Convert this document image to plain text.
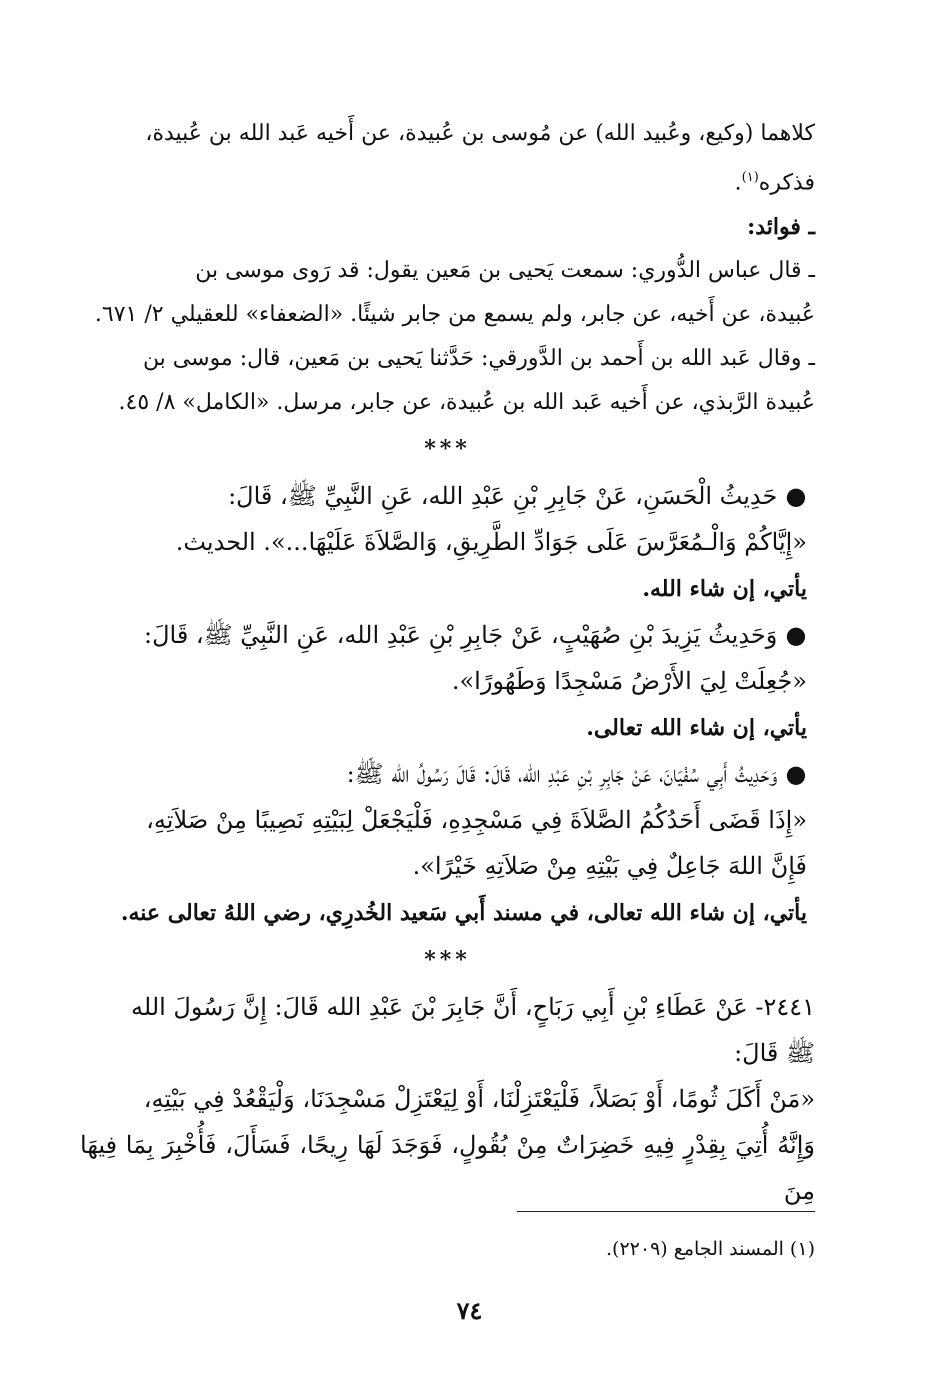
كلاهما (وكيع، وعُبيد الله) عن مُوسى بن عُبيدة، عن أَخيه عَبد الله بن عُبيدة،
فذكره$^{(١)}$.

ـ فوائد:

ـ قال عباس الدُّوري: سمعت يَحيى بن مَعين يقول: قد رَوى موسى بن
عُبيدة، عن أَخيه، عن جابر، ولم يسمع من جابر شيئًا. «الضعفاء» للعقيلي ٢/ ٦٧١.

ـ وقال عَبد الله بن أَحمد بن الدَّورقي: حَدَّثنا يَحيى بن مَعين، قال: موسى بن
عُبيدة الرَّبذي، عن أَخيه عَبد الله بن عُبيدة، عن جابر، مرسل. «الكامل» ٨/ ٤٥.

***
● حَدِيثُ الْحَسَنِ، عَنْ جَابِرِ بْنِ عَبْدِ الله، عَنِ النَّبِيِّ ﷺ، قَالَ:
«إِيَّاكُمْ وَالْـمُعَرَّسَ عَلَى جَوَادِّ الطَّرِيقِ، وَالصَّلاَةَ عَلَيْهَا...». الحديث.
يأتي، إن شاء الله.
● وَحَدِيثُ يَزِيدَ بْنِ صُهَيْبٍ، عَنْ جَابِرِ بْنِ عَبْدِ الله، عَنِ النَّبِيِّ ﷺ، قَالَ:
«جُعِلَتْ لِيَ الأَرْضُ مَسْجِدًا وَطَهُورًا».
يأتي، إن شاء الله تعالى.
● وَحَدِيثُ أَبِي سُفْيَانَ، عَنْ جَابِرِ بْنِ عَبْدِ الله، قَالَ: قَالَ رَسُولُ الله ﷺ:
«إِذَا قَضَى أَحَدُكُمُ الصَّلاَةَ فِي مَسْجِدِهِ، فَلْيَجْعَلْ لِبَيْتِهِ نَصِيبًا مِنْ صَلاَتِهِ،
فَإِنَّ اللهَ جَاعِلٌ فِي بَيْتِهِ مِنْ صَلاَتِهِ خَيْرًا».
يأتي، إن شاء الله تعالى، في مسند أَبي سَعيد الخُدرِي، رضي اللهُ تعالى عنه.
***
٢٤٤١- عَنْ عَطَاءِ بْنِ أَبِي رَبَاحٍ، أَنَّ جَابِرَ بْنَ عَبْدِ الله قَالَ: إِنَّ رَسُولَ الله
ﷺ قَالَ:
«مَنْ أَكَلَ ثُومًا، أَوْ بَصَلاً، فَلْيَعْتَزِلْنَا، أَوْ لِيَعْتَزِلْ مَسْجِدَنَا، وَلْيَقْعُدْ فِي بَيْتِهِ،
وَإِنَّهُ أُتِيَ بِقِدْرٍ فِيهِ خَضِرَاتٌ مِنْ بُقُولٍ، فَوَجَدَ لَهَا رِيحًا، فَسَأَلَ، فَأُخْبِرَ بِمَا فِيهَا مِنَ
(١) المسند الجامع (٢٢٠٩).
٧٤
